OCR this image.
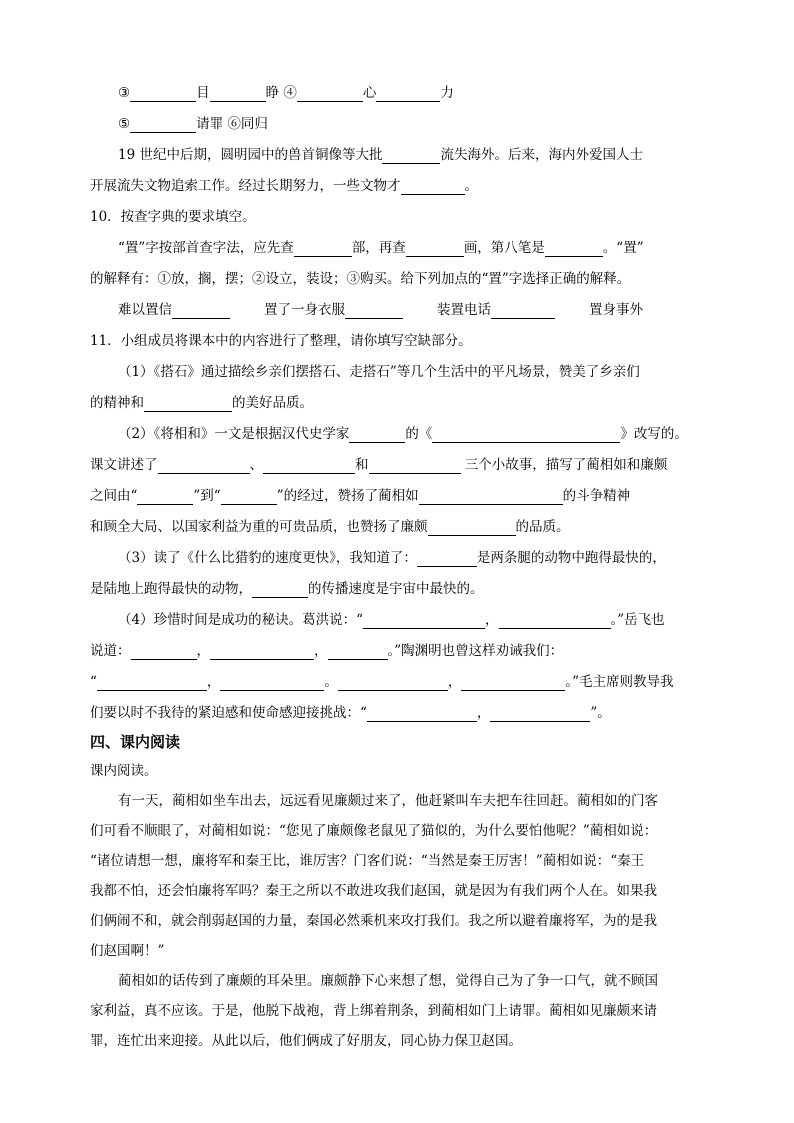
③	目	睁 ④	心	力
⑤	请罪 ⑥同归
19 世纪中后期，圆明园中的兽首铜像等大批	流失海外。后来，海内外爱国人士
开展流失文物追索工作。经过长期努力，一些文物才	。
10．按查字典的要求填空。
“置”字按部首查字法，应先查	部，再查	画，第八笔是	。“置”
的解释有：①放，搁，摆；②设立，装设；③购买。给下列加点的“置”字选择正确的解释。
难以置信	置了一身衣服	装置电话	置身事外
11．小组成员将课本中的内容进行了整理，请你填写空缺部分。
（1）《搭石》通过描绘乡亲们摆搭石、走搭石”等几个生活中的平凡场景，赞美了乡亲们
的精神和	的美好品质。
（2）《将相和》一文是根据汉代史学家	的《	》改写的。
课文讲述了	、	和	三个小故事，描写了蔺相如和廉颇
之间由“	”到“	”的经过，赞扬了蔺相如	的斗争精神
和顾全大局、以国家利益为重的可贵品质，也赞扬了廉颇	的品质。
（3）读了《什么比猎豹的速度更快》，我知道了：	是两条腿的动物中跑得最快的，
是陆地上跑得最快的动物，	的传播速度是宇宙中最快的。
（4）珍惜时间是成功的秘诀。葛洪说：“	，	。”岳飞也
说道：	，	，	。”陶渊明也曾这样劝诫我们：
“	，	。	，	。”毛主席则教导我
们要以时不我待的紧迫感和使命感迎接挑战：“	，	”。
四、课内阅读
课内阅读。
有一天，蔺相如坐车出去，远远看见廉颇过来了，他赶紧叫车夫把车往回赶。蔺相如的门客
们可看不顺眼了，对蔺相如说：“您见了廉颇像老鼠见了猫似的，为什么要怕他呢？”蔺相如说：
“诸位请想一想，廉将军和秦王比，谁厉害？门客们说：“当然是秦王厉害！”蔺相如说：“秦王
我都不怕，还会怕廉将军吗？秦王之所以不敢进攻我们赵国，就是因为有我们两个人在。如果我
们俩闹不和，就会削弱赵国的力量，秦国必然乘机来攻打我们。我之所以避着廉将军，为的是我
们赵国啊！”
蔺相如的话传到了廉颇的耳朵里。廉颇静下心来想了想，觉得自己为了争一口气，就不顾国
家利益，真不应该。于是，他脱下战袍，背上绑着荆条，到蔺相如门上请罪。蔺相如见廉颇来请
罪，连忙出来迎接。从此以后，他们俩成了好朋友，同心协力保卫赵国。
